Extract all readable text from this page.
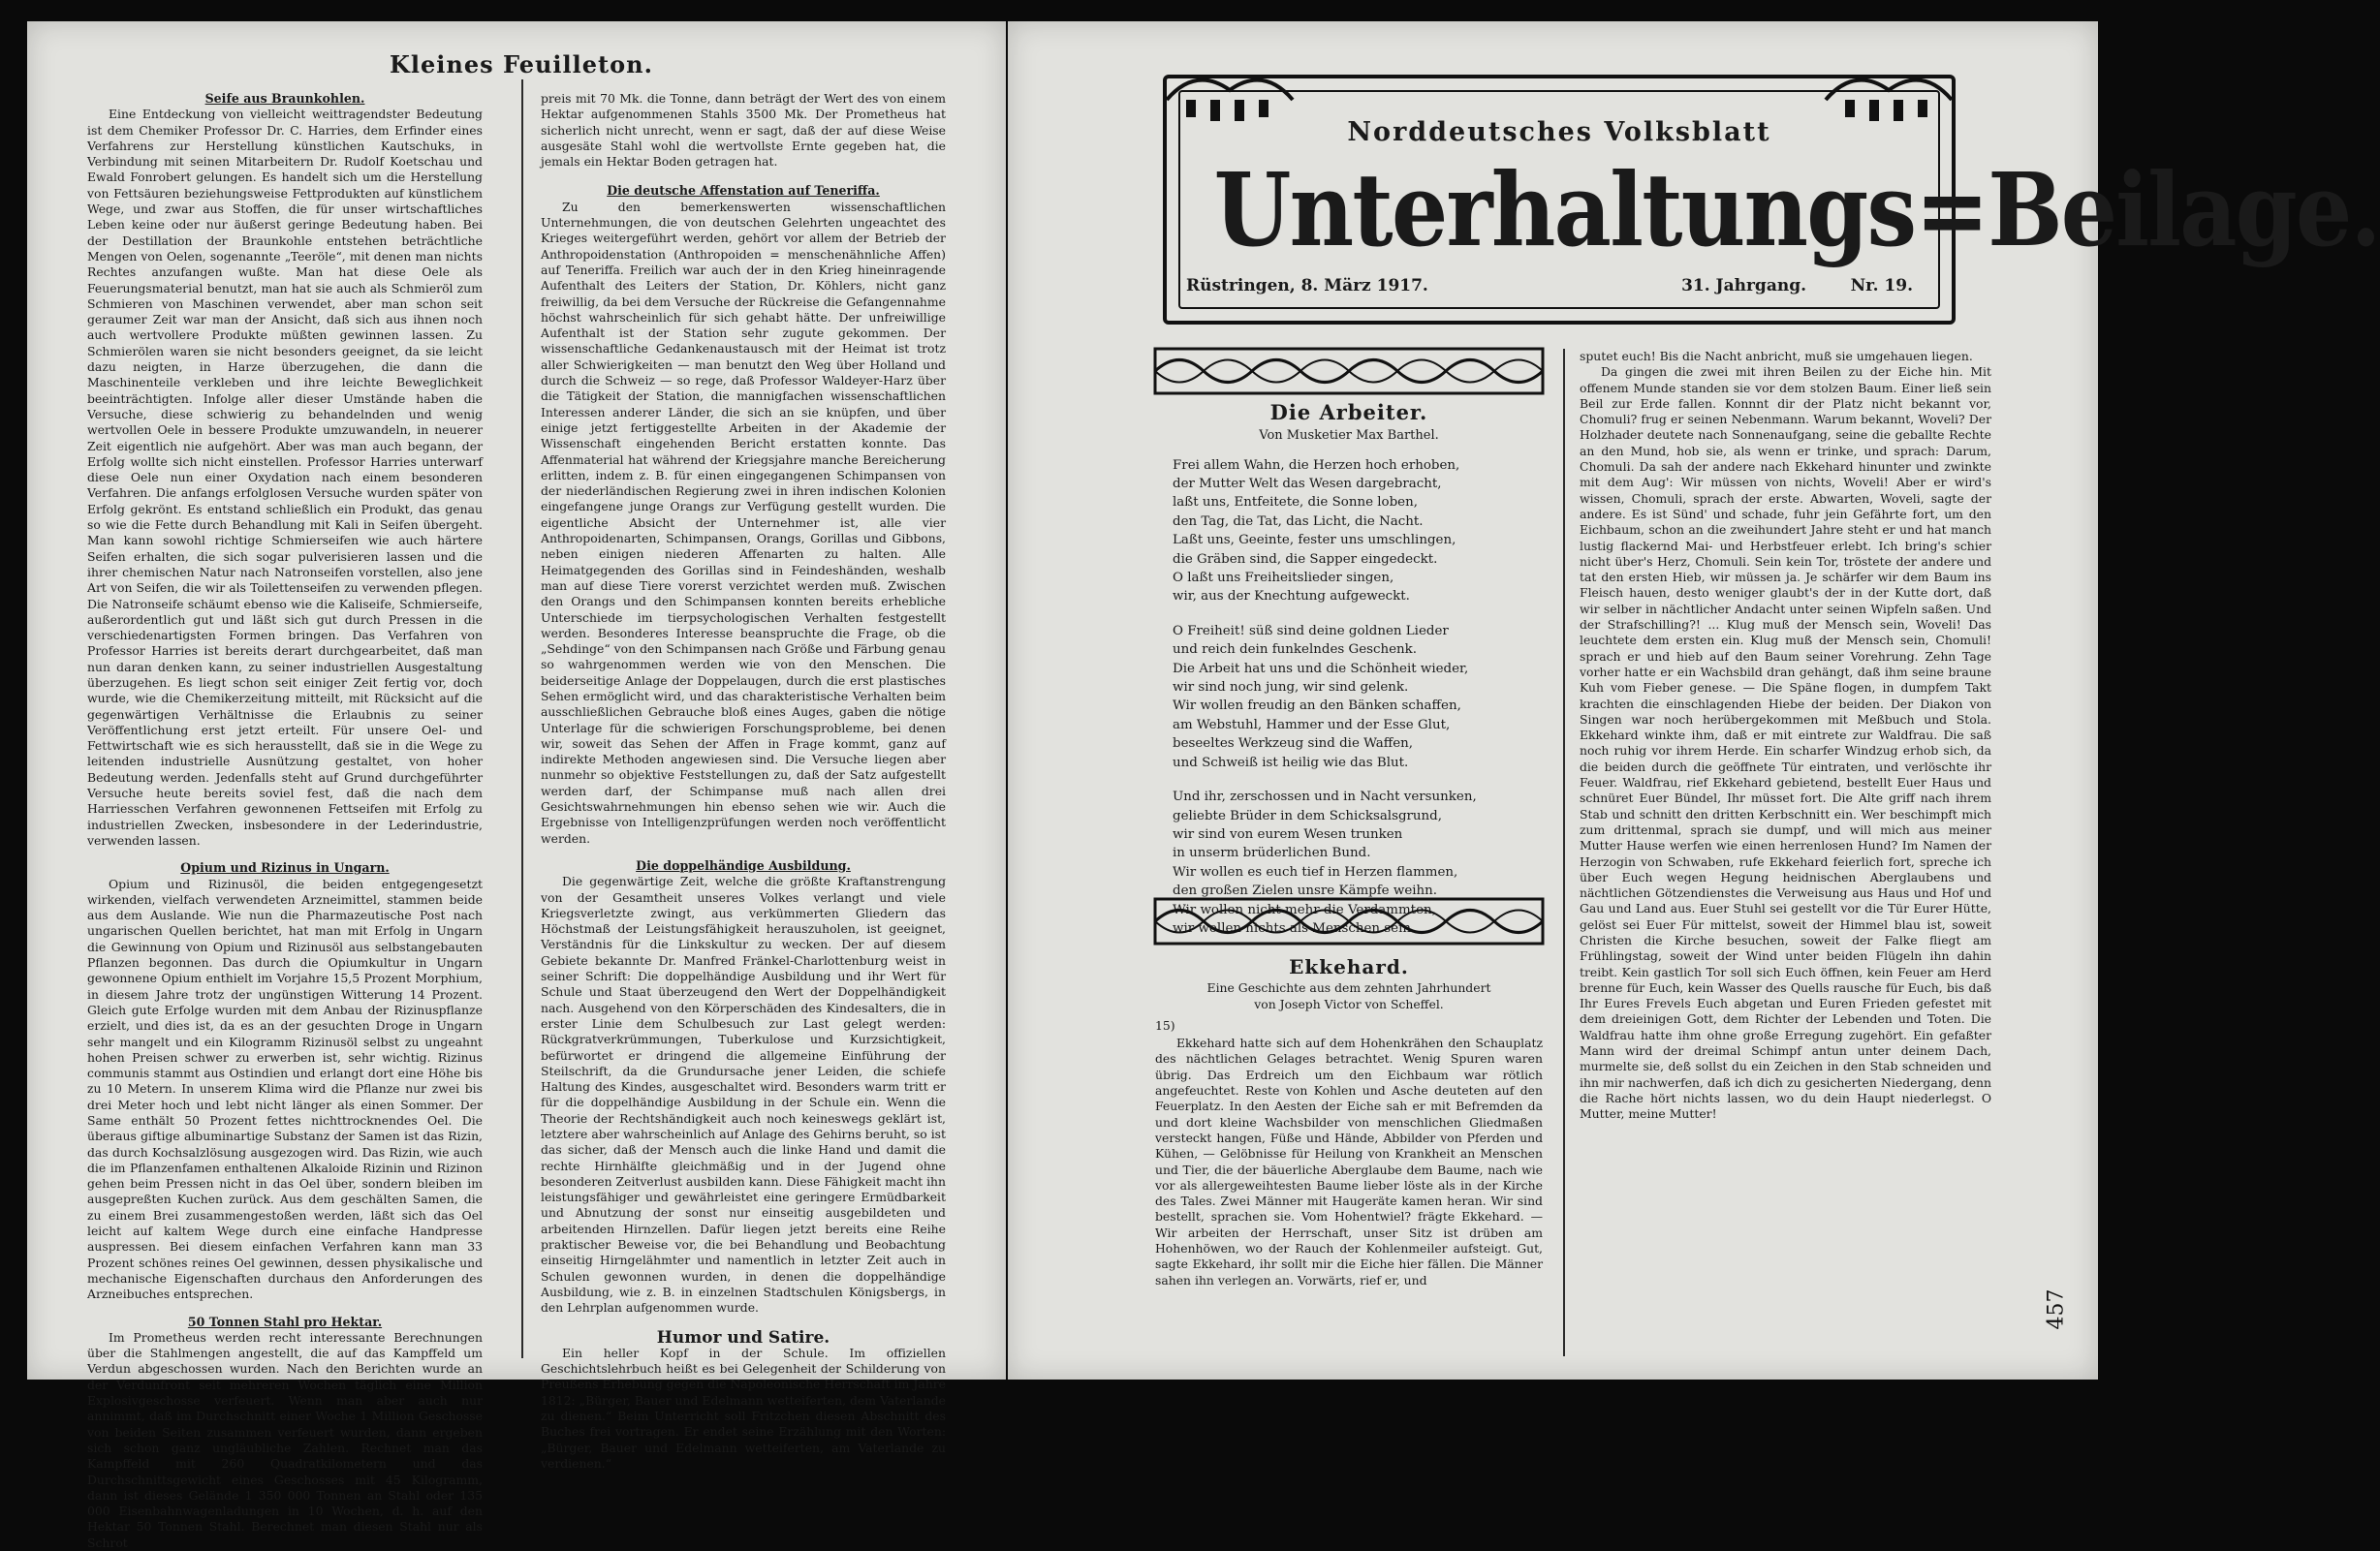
Kleines Feuilleton.

Seife aus Braunkohlen.

Eine Entdeckung von vielleicht weittragendster Bedeutung ist dem Chemiker Professor Dr. C. Harries, dem Erfinder eines Verfahrens zur Herstellung künstlichen Kautschuks, in Verbindung mit seinen Mitarbeitern Dr. Rudolf Koetschau und Ewald Fonrobert gelungen. Es handelt sich um die Herstellung von Fettsäuren beziehungsweise Fettprodukten auf künstlichem Wege, und zwar aus Stoffen, die für unser wirtschaftliches Leben keine oder nur äußerst geringe Bedeutung haben. Bei der Destillation der Braunkohle entstehen beträchtliche Mengen von Oelen, sogenannte „Teeröle“, mit denen man nichts Rechtes anzufangen wußte. Man hat diese Oele als Feuerungsmaterial benutzt, man hat sie auch als Schmieröl zum Schmieren von Maschinen verwendet, aber man schon seit geraumer Zeit war man der Ansicht, daß sich aus ihnen noch auch wertvollere Produkte müßten gewinnen lassen. Zu Schmierölen waren sie nicht besonders geeignet, da sie leicht dazu neigten, in Harze überzugehen, die dann die Maschinenteile verkleben und ihre leichte Beweglichkeit beeinträchtigten. Infolge aller dieser Umstände haben die Versuche, diese schwierig zu behandelnden und wenig wertvollen Oele in bessere Produkte umzuwandeln, in neuerer Zeit eigentlich nie aufgehört. Aber was man auch begann, der Erfolg wollte sich nicht einstellen. Professor Harries unterwarf diese Oele nun einer Oxydation nach einem besonderen Verfahren. Die anfangs erfolglosen Versuche wurden später von Erfolg gekrönt. Es entstand schließlich ein Produkt, das genau so wie die Fette durch Behandlung mit Kali in Seifen übergeht. Man kann sowohl richtige Schmierseifen wie auch härtere Seifen erhalten, die sich sogar pulverisieren lassen und die ihrer chemischen Natur nach Natronseifen vorstellen, also jene Art von Seifen, die wir als Toilettenseifen zu verwenden pflegen. Die Natronseife schäumt ebenso wie die Kaliseife, Schmierseife, außerordentlich gut und läßt sich gut durch Pressen in die verschiedenartigsten Formen bringen. Das Verfahren von Professor Harries ist bereits derart durchgearbeitet, daß man nun daran denken kann, zu seiner industriellen Ausgestaltung überzugehen. Es liegt schon seit einiger Zeit fertig vor, doch wurde, wie die Chemikerzeitung mitteilt, mit Rücksicht auf die gegenwärtigen Verhältnisse die Erlaubnis zu seiner Veröffentlichung erst jetzt erteilt. Für unsere Oel- und Fettwirtschaft wie es sich herausstellt, daß sie in die Wege zu leitenden industrielle Ausnützung gestaltet, von hoher Bedeutung werden. Jedenfalls steht auf Grund durchgeführter Versuche heute bereits soviel fest, daß die nach dem Harriesschen Verfahren gewonnenen Fettseifen mit Erfolg zu industriellen Zwecken, insbesondere in der Lederindustrie, verwenden lassen.

Opium und Rizinus in Ungarn.

Opium und Rizinusöl, die beiden entgegengesetzt wirkenden, vielfach verwendeten Arzneimittel, stammen beide aus dem Auslande. Wie nun die Pharmazeutische Post nach ungarischen Quellen berichtet, hat man mit Erfolg in Ungarn die Gewinnung von Opium und Rizinusöl aus selbstangebauten Pflanzen begonnen. Das durch die Opiumkultur in Ungarn gewonnene Opium enthielt im Vorjahre 15,5 Prozent Morphium, in diesem Jahre trotz der ungünstigen Witterung 14 Prozent. Gleich gute Erfolge wurden mit dem Anbau der Rizinuspflanze erzielt, und dies ist, da es an der gesuchten Droge in Ungarn sehr mangelt und ein Kilogramm Rizinusöl selbst zu ungeahnt hohen Preisen schwer zu erwerben ist, sehr wichtig. Rizinus communis stammt aus Ostindien und erlangt dort eine Höhe bis zu 10 Metern. In unserem Klima wird die Pflanze nur zwei bis drei Meter hoch und lebt nicht länger als einen Sommer. Der Same enthält 50 Prozent fettes nichttrocknendes Oel. Die überaus giftige albuminartige Substanz der Samen ist das Rizin, das durch Kochsalzlösung ausgezogen wird. Das Rizin, wie auch die im Pflanzenfamen enthaltenen Alkaloide Rizinin und Rizinon gehen beim Pressen nicht in das Oel über, sondern bleiben im ausgepreßten Kuchen zurück. Aus dem geschälten Samen, die zu einem Brei zusammengestoßen werden, läßt sich das Oel leicht auf kaltem Wege durch eine einfache Handpresse auspressen. Bei diesem einfachen Verfahren kann man 33 Prozent schönes reines Oel gewinnen, dessen physikalische und mechanische Eigenschaften durchaus den Anforderungen des Arzneibuches entsprechen.

50 Tonnen Stahl pro Hektar.

Im Prometheus werden recht interessante Berechnungen über die Stahlmengen angestellt, die auf das Kampffeld um Verdun abgeschossen wurden. Nach den Berichten wurde an der Verdunfront seit mehreren Wochen täglich eine Million Explosivgeschosse verfeuert. Wenn man aber auch nur annimmt, daß im Durchschnitt einer Woche 1 Million Geschosse von beiden Seiten zusammen verfeuert wurden, dann ergeben sich schon ganz ungläubliche Zahlen. Rechnet man das Kampffeld mit 260 Quadratkilometern und das Durchschnittsgewicht eines Geschosses mit 45 Kilogramm, dann ist dieses Gelände 1 350 000 Tonnen an Stahl oder 135 000 Eisenbahnwagenladungen in 10 Wochen, d. h. auf den Hektar 50 Tonnen Stahl. Berechnet man diesen Stahl nur als Schrot

preis mit 70 Mk. die Tonne, dann beträgt der Wert des von einem Hektar aufgenommenen Stahls 3500 Mk. Der Prometheus hat sicherlich nicht unrecht, wenn er sagt, daß der auf diese Weise ausgesäte Stahl wohl die wertvollste Ernte gegeben hat, die jemals ein Hektar Boden getragen hat.

Die deutsche Affenstation auf Teneriffa.

Zu den bemerkenswerten wissenschaftlichen Unternehmungen, die von deutschen Gelehrten ungeachtet des Krieges weitergeführt werden, gehört vor allem der Betrieb der Anthropoidenstation (Anthropoiden = menschenähnliche Affen) auf Teneriffa. Freilich war auch der in den Krieg hineinragende Aufenthalt des Leiters der Station, Dr. Köhlers, nicht ganz freiwillig, da bei dem Versuche der Rückreise die Gefangennahme höchst wahrscheinlich für sich gehabt hätte. Der unfreiwillige Aufenthalt ist der Station sehr zugute gekommen. Der wissenschaftliche Gedankenaustausch mit der Heimat ist trotz aller Schwierigkeiten — man benutzt den Weg über Holland und durch die Schweiz — so rege, daß Professor Waldeyer-Harz über die Tätigkeit der Station, die mannigfachen wissenschaftlichen Interessen anderer Länder, die sich an sie knüpfen, und über einige jetzt fertiggestellte Arbeiten in der Akademie der Wissenschaft eingehenden Bericht erstatten konnte. Das Affenmaterial hat während der Kriegsjahre manche Bereicherung erlitten, indem z. B. für einen eingegangenen Schimpansen von der niederländischen Regierung zwei in ihren indischen Kolonien eingefangene junge Orangs zur Verfügung gestellt wurden. Die eigentliche Absicht der Unternehmer ist, alle vier Anthropoidenarten, Schimpansen, Orangs, Gorillas und Gibbons, neben einigen niederen Affenarten zu halten. Alle Heimatgegenden des Gorillas sind in Feindeshänden, weshalb man auf diese Tiere vorerst verzichtet werden muß. Zwischen den Orangs und den Schimpansen konnten bereits erhebliche Unterschiede im tierpsychologischen Verhalten festgestellt werden. Besonderes Interesse beanspruchte die Frage, ob die „Sehdinge“ von den Schimpansen nach Größe und Färbung genau so wahrgenommen werden wie von den Menschen. Die beiderseitige Anlage der Doppelaugen, durch die erst plastisches Sehen ermöglicht wird, und das charakteristische Verhalten beim ausschließlichen Gebrauche bloß eines Auges, gaben die nötige Unterlage für die schwierigen Forschungsprobleme, bei denen wir, soweit das Sehen der Affen in Frage kommt, ganz auf indirekte Methoden angewiesen sind. Die Versuche liegen aber nunmehr so objektive Feststellungen zu, daß der Satz aufgestellt werden darf, der Schimpanse muß nach allen drei Gesichtswahrnehmungen hin ebenso sehen wie wir. Auch die Ergebnisse von Intelligenzprüfungen werden noch veröffentlicht werden.

Die doppelhändige Ausbildung.

Die gegenwärtige Zeit, welche die größte Kraftanstrengung von der Gesamtheit unseres Volkes verlangt und viele Kriegsverletzte zwingt, aus verkümmerten Gliedern das Höchstmaß der Leistungsfähigkeit herauszuholen, ist geeignet, Verständnis für die Linkskultur zu wecken. Der auf diesem Gebiete bekannte Dr. Manfred Fränkel-Charlottenburg weist in seiner Schrift: Die doppelhändige Ausbildung und ihr Wert für Schule und Staat überzeugend den Wert der Doppelhändigkeit nach. Ausgehend von den Körperschäden des Kindesalters, die in erster Linie dem Schulbesuch zur Last gelegt werden: Rückgratverkrümmungen, Tuberkulose und Kurzsichtigkeit, befürwortet er dringend die allgemeine Einführung der Steilschrift, da die Grundursache jener Leiden, die schiefe Haltung des Kindes, ausgeschaltet wird. Besonders warm tritt er für die doppelhändige Ausbildung in der Schule ein. Wenn die Theorie der Rechtshändigkeit auch noch keineswegs geklärt ist, letztere aber wahrscheinlich auf Anlage des Gehirns beruht, so ist das sicher, daß der Mensch auch die linke Hand und damit die rechte Hirnhälfte gleichmäßig und in der Jugend ohne besonderen Zeitverlust ausbilden kann. Diese Fähigkeit macht ihn leistungsfähiger und gewährleistet eine geringere Ermüdbarkeit und Abnutzung der sonst nur einseitig ausgebildeten und arbeitenden Hirnzellen. Dafür liegen jetzt bereits eine Reihe praktischer Beweise vor, die bei Behandlung und Beobachtung einseitig Hirngelähmter und namentlich in letzter Zeit auch in Schulen gewonnen wurden, in denen die doppelhändige Ausbildung, wie z. B. in einzelnen Stadtschulen Königsbergs, in den Lehrplan aufgenommen wurde.

Humor und Satire.

Ein heller Kopf in der Schule. Im offiziellen Geschichtslehrbuch heißt es bei Gelegenheit der Schilderung von Preußens Erhebung gegen die Napoleonische Herrschaft im Jahre 1812: „Bürger, Bauer und Edelmann wetteiferten, dem Vaterlande zu dienen.“ Beim Unterricht soll Fritzchen diesen Abschnitt des Buches frei vortragen. Er endet seine Erzählung mit den Worten: „Bürger, Bauer und Edelmann wetteiferten, am Vaterlande zu verdienen.“

Norddeutsches Volksblatt
Unterhaltungs=Beilage.
Rüstringen, 8. März 1917.	31. Jahrgang.	Nr. 19.
Die Arbeiter.
Von Musketier Max Barthel.
Frei allem Wahn, die Herzen hoch erhoben,
der Mutter Welt das Wesen dargebracht,
laßt uns, Entfeitete, die Sonne loben,
den Tag, die Tat, das Licht, die Nacht.
Laßt uns, Geeinte, fester uns umschlingen,
die Gräben sind, die Sapper eingedeckt.
O laßt uns Freiheitslieder singen,
wir, aus der Knechtung aufgeweckt.
O Freiheit! süß sind deine goldnen Lieder
und reich dein funkelndes Geschenk.
Die Arbeit hat uns und die Schönheit wieder,
wir sind noch jung, wir sind gelenk.
Wir wollen freudig an den Bänken schaffen,
am Webstuhl, Hammer und der Esse Glut,
beseeltes Werkzeug sind die Waffen,
und Schweiß ist heilig wie das Blut.
Und ihr, zerschossen und in Nacht versunken,
geliebte Brüder in dem Schicksalsgrund,
wir sind von eurem Wesen trunken
in unserm brüderlichen Bund.
Wir wollen es euch tief in Herzen flammen,
den großen Zielen unsre Kämpfe weihn.
Wir wollen nicht mehr die Verdammten,
wir wollen nichts als Menschen sein.
Ekkehard.
Eine Geschichte aus dem zehnten Jahrhundert
von Joseph Victor von Scheffel.
15)

Ekkehard hatte sich auf dem Hohenkrähen den Schauplatz des nächtlichen Gelages betrachtet. Wenig Spuren waren übrig. Das Erdreich um den Eichbaum war rötlich angefeuchtet. Reste von Kohlen und Asche deuteten auf den Feuerplatz. In den Aesten der Eiche sah er mit Befremden da und dort kleine Wachsbilder von menschlichen Gliedmaßen versteckt hangen, Füße und Hände, Abbilder von Pferden und Kühen, — Gelöbnisse für Heilung von Krankheit an Menschen und Tier, die der bäuerliche Aberglaube dem Baume, nach wie vor als allergeweihtesten Baume lieber löste als in der Kirche des Tales. Zwei Männer mit Haugeräte kamen heran. Wir sind bestellt, sprachen sie. Vom Hohentwiel? frägte Ekkehard. — Wir arbeiten der Herrschaft, unser Sitz ist drüben am Hohenhöwen, wo der Rauch der Kohlenmeiler aufsteigt. Gut, sagte Ekkehard, ihr sollt mir die Eiche hier fällen. Die Männer sahen ihn verlegen an. Vorwärts, rief er, und

sputet euch! Bis die Nacht anbricht, muß sie umgehauen liegen.

Da gingen die zwei mit ihren Beilen zu der Eiche hin. Mit offenem Munde standen sie vor dem stolzen Baum. Einer ließ sein Beil zur Erde fallen. Konnnt dir der Platz nicht bekannt vor, Chomuli? frug er seinen Nebenmann. Warum bekannt, Woveli? Der Holzhader deutete nach Sonnenaufgang, seine die geballte Rechte an den Mund, hob sie, als wenn er trinke, und sprach: Darum, Chomuli. Da sah der andere nach Ekkehard hinunter und zwinkte mit dem Aug': Wir müssen von nichts, Woveli! Aber er wird's wissen, Chomuli, sprach der erste. Abwarten, Woveli, sagte der andere. Es ist Sünd' und schade, fuhr jein Gefährte fort, um den Eichbaum, schon an die zweihundert Jahre steht er und hat manch lustig flackernd Mai- und Herbstfeuer erlebt. Ich bring's schier nicht über's Herz, Chomuli. Sein kein Tor, tröstete der andere und tat den ersten Hieb, wir müssen ja. Je schärfer wir dem Baum ins Fleisch hauen, desto weniger glaubt's der in der Kutte dort, daß wir selber in nächtlicher Andacht unter seinen Wipfeln saßen. Und der Strafschilling?! ... Klug muß der Mensch sein, Woveli! Das leuchtete dem ersten ein. Klug muß der Mensch sein, Chomuli! sprach er und hieb auf den Baum seiner Vorehrung. Zehn Tage vorher hatte er ein Wachsbild dran gehängt, daß ihm seine braune Kuh vom Fieber genese. — Die Späne flogen, in dumpfem Takt krachten die einschlagenden Hiebe der beiden. Der Diakon von Singen war noch herübergekommen mit Meßbuch und Stola. Ekkehard winkte ihm, daß er mit eintrete zur Waldfrau. Die saß noch ruhig vor ihrem Herde. Ein scharfer Windzug erhob sich, da die beiden durch die geöffnete Tür eintraten, und verlöschte ihr Feuer. Waldfrau, rief Ekkehard gebietend, bestellt Euer Haus und schnüret Euer Bündel, Ihr müsset fort. Die Alte griff nach ihrem Stab und schnitt den dritten Kerbschnitt ein. Wer beschimpft mich zum drittenmal, sprach sie dumpf, und will mich aus meiner Mutter Hause werfen wie einen herrenlosen Hund? Im Namen der Herzogin von Schwaben, rufe Ekkehard feierlich fort, spreche ich über Euch wegen Hegung heidnischen Aberglaubens und nächtlichen Götzendienstes die Verweisung aus Haus und Hof und Gau und Land aus. Euer Stuhl sei gestellt vor die Tür Eurer Hütte, gelöst sei Euer Für mittelst, soweit der Himmel blau ist, soweit Christen die Kirche besuchen, soweit der Falke fliegt am Frühlingstag, soweit der Wind unter beiden Flügeln ihn dahin treibt. Kein gastlich Tor soll sich Euch öffnen, kein Feuer am Herd brenne für Euch, kein Wasser des Quells rausche für Euch, bis daß Ihr Eures Frevels Euch abgetan und Euren Frieden gefestet mit dem dreieinigen Gott, dem Richter der Lebenden und Toten. Die Waldfrau hatte ihm ohne große Erregung zugehört. Ein gefaßter Mann wird der dreimal Schimpf antun unter deinem Dach, murmelte sie, deß sollst du ein Zeichen in den Stab schneiden und ihn mir nachwerfen, daß ich dich zu gesicherten Niedergang, denn die Rache hört nichts lassen, wo du dein Haupt niederlegst. O Mutter, meine Mutter!

457
